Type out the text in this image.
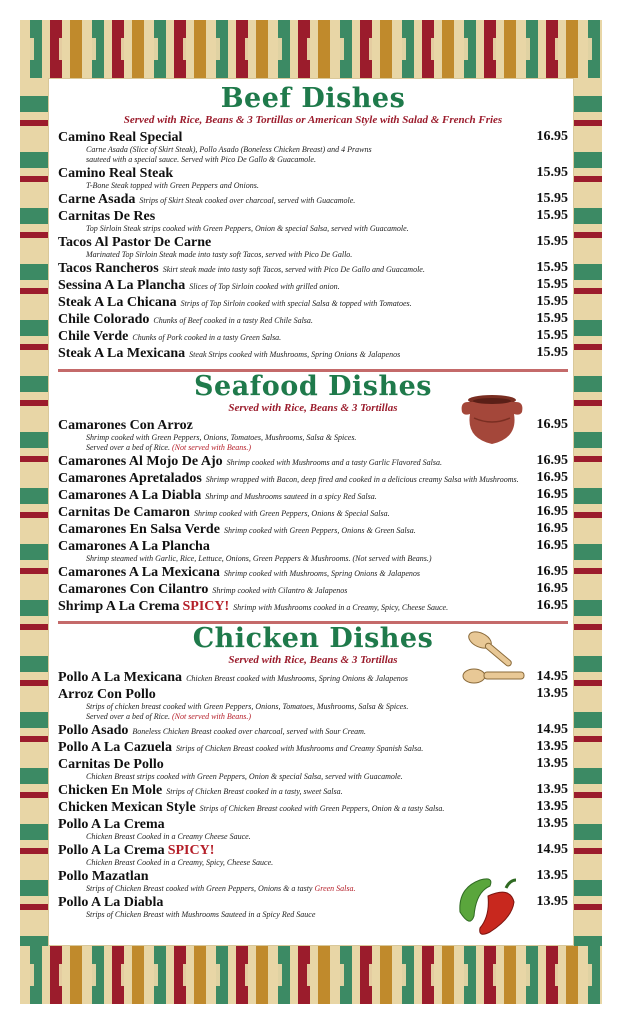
Beef Dishes
Served with Rice, Beans & 3 Tortillas or American Style with Salad & French Fries
Camino Real Special	16.95
Carne Asada (Slice of Skirt Steak), Pollo Asado (Boneless Chicken Breast) and 4 Prawns
sauteed with a special sauce. Served with Pico De Gallo & Guacamole.
Camino Real Steak	15.95
T-Bone Steak topped with Green Peppers and Onions.
Carne Asada Strips of Skirt Steak cooked over charcoal, served with Guacamole.	15.95
Carnitas De Res	15.95
Top Sirloin Steak strips cooked with Green Peppers, Onion & special Salsa, served with Guacamole.
Tacos Al Pastor De Carne	15.95
Marinated Top Sirloin Steak made into tasty soft Tacos, served with Pico De Gallo.
Tacos Rancheros Skirt steak made into tasty soft Tacos, served with Pico De Gallo and Guacamole.	15.95
Sessina A La Plancha Slices of Top Sirloin cooked with grilled onion.	15.95
Steak A La Chicana Strips of Top Sirloin cooked with special Salsa & topped with Tomatoes.	15.95
Chile Colorado Chunks of Beef cooked in a tasty Red Chile Salsa.	15.95
Chile Verde Chunks of Pork cooked in a tasty Green Salsa.	15.95
Steak A La Mexicana Steak Strips cooked with Mushrooms, Spring Onions & Jalapenos	15.95
Seafood Dishes
Served with Rice, Beans & 3 Tortillas
Camarones Con Arroz	16.95
Shrimp cooked with Green Peppers, Onions, Tomatoes, Mushrooms, Salsa & Spices.
Served over a bed of Rice. (Not served with Beans.)
Camarones Al Mojo De Ajo Shrimp cooked with Mushrooms and a tasty Garlic Flavored Salsa.	16.95
Camarones Apretalados Shrimp wrapped with Bacon, deep fired and cooked in a delicious creamy Salsa with Mushrooms. 16.95
Camarones A La Diabla Shrimp and Mushrooms sauteed in a spicy Red Salsa.	16.95
Carnitas De Camaron Shrimp cooked with Green Peppers, Onions & Special Salsa.	16.95
Camarones En Salsa Verde Shrimp cooked with Green Peppers, Onions & Green Salsa.	16.95
Camarones A La Plancha	16.95
Shrimp steamed with Garlic, Rice, Lettuce, Onions, Green Peppers & Mushrooms. (Not served with Beans.)
Camarones A La Mexicana Shrimp cooked with Mushrooms, Spring Onions & Jalapenos	16.95
Camarones Con Cilantro Shrimp cooked with Cilantro & Jalapenos	16.95
Shrimp A La Crema SPICY! Shrimp with Mushrooms cooked in a Creamy, Spicy, Cheese Sauce.	16.95
Chicken Dishes
Served with Rice, Beans & 3 Tortillas
Pollo A La Mexicana Chicken Breast cooked with Mushrooms, Spring Onions & Jalapenos	14.95
Arroz Con Pollo	13.95
Strips of chicken breast cooked with Green Peppers, Onions, Tomatoes, Mushrooms, Salsa & Spices.
Served over a bed of Rice. (Not served with Beans.)
Pollo Asado Boneless Chicken Breast cooked over charcoal, served with Sour Cream.	14.95
Pollo A La Cazuela Strips of Chicken Breast cooked with Mushrooms and Creamy Spanish Salsa.	13.95
Carnitas De Pollo	13.95
Chicken Breast strips cooked with Green Peppers, Onion & special Salsa, served with Guacamole.
Chicken En Mole Strips of Chicken Breast cooked in a tasty, sweet Salsa.	13.95
Chicken Mexican Style Strips of Chicken Breast cooked with Green Peppers, Onion & a tasty Salsa.	13.95
Pollo A La Crema	13.95
Chicken Breast Cooked in a Creamy Cheese Sauce.
Pollo A La Crema SPICY!	14.95
Chicken Breast Cooked in a Creamy, Spicy, Cheese Sauce.
Pollo Mazatlan	13.95
Strips of Chicken Breast cooked with Green Peppers, Onions & a tasty Green Salsa.
Pollo A La Diabla	13.95
Strips of Chicken Breast with Mushrooms Sauteed in a Spicy Red Sauce
